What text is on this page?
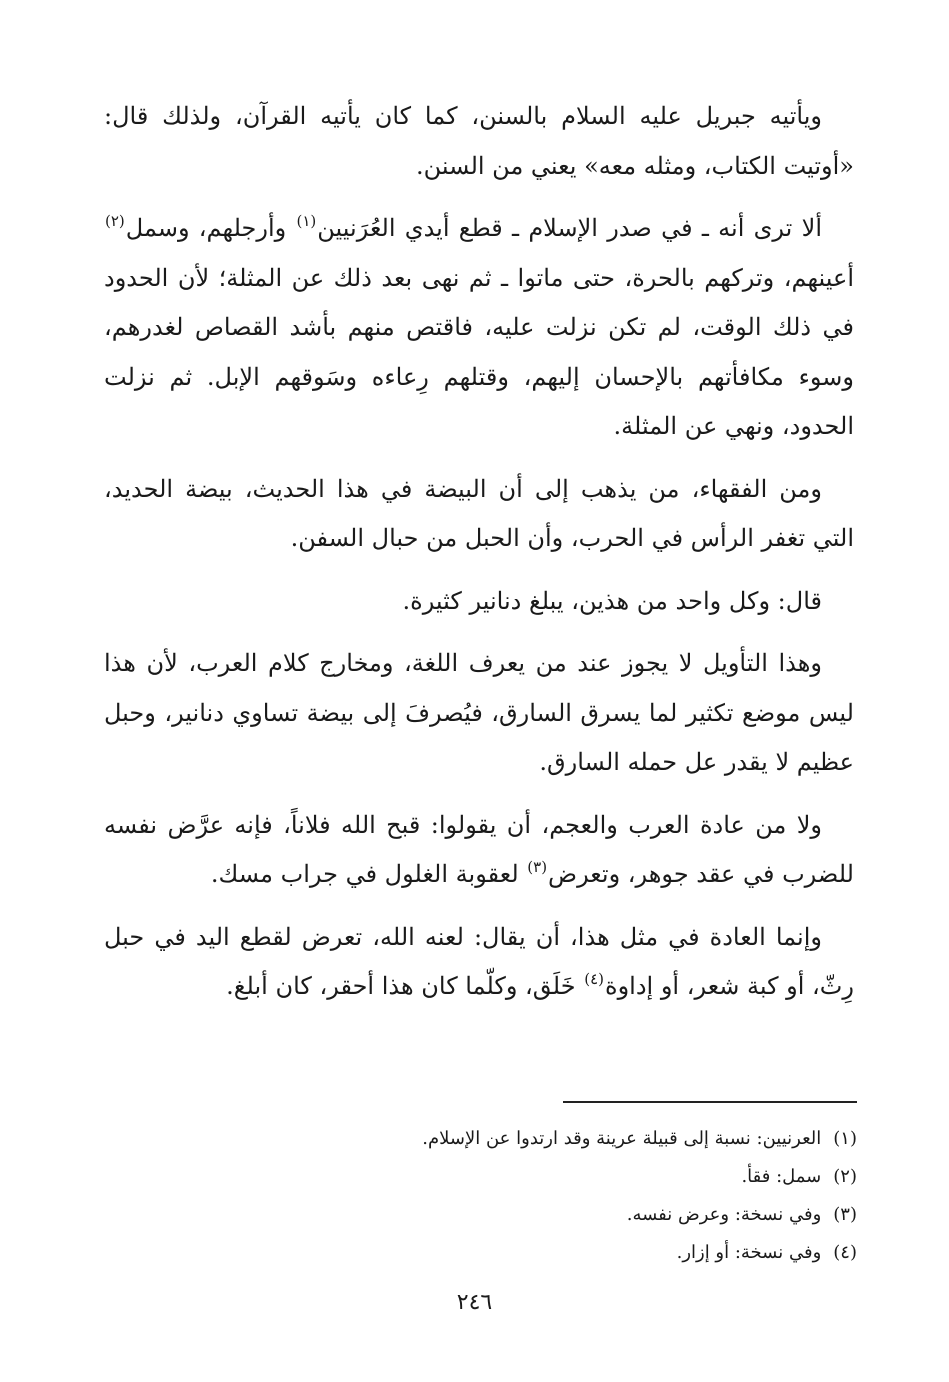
ويأتيه جبريل عليه السلام بالسنن، كما كان يأتيه القرآن، ولذلك قال: «أوتيت الكتاب، ومثله معه» يعني من السنن.

ألا ترى أنه ـ في صدر الإسلام ـ قطع أيدي العُرَنيين$^{(١)}$ وأرجلهم، وسمل$^{(٢)}$ أعينهم، وتركهم بالحرة، حتى ماتوا ـ ثم نهى بعد ذلك عن المثلة؛ لأن الحدود في ذلك الوقت، لم تكن نزلت عليه، فاقتص منهم بأشد القصاص لغدرهم، وسوء مكافأتهم بالإحسان إليهم، وقتلهم رِعاءه وسَوقهم الإبل. ثم نزلت الحدود، ونهي عن المثلة.

ومن الفقهاء، من يذهب إلى أن البيضة في هذا الحديث، بيضة الحديد، التي تغفر الرأس في الحرب، وأن الحبل من حبال السفن.

قال: وكل واحد من هذين، يبلغ دنانير كثيرة.

وهذا التأويل لا يجوز عند من يعرف اللغة، ومخارج كلام العرب، لأن هذا ليس موضع تكثير لما يسرق السارق، فيُصرفَ إلى بيضة تساوي دنانير، وحبل عظيم لا يقدر عل حمله السارق.

ولا من عادة العرب والعجم، أن يقولوا: قبح الله فلاناً، فإنه عرَّض نفسه للضرب في عقد جوهر، وتعرض$^{(٣)}$ لعقوبة الغلول في جراب مسك.

وإنما العادة في مثل هذا، أن يقال: لعنه الله، تعرض لقطع اليد في حبل رِثّ، أو كبة شعر، أو إداوة$^{(٤)}$ خَلَق، وكلّما كان هذا أحقر، كان أبلغ.

(١)
العرنيين: نسبة إلى قبيلة عرينة وقد ارتدوا عن الإسلام.
(٢)
سمل: فقأ.
(٣)
وفي نسخة: وعرض نفسه.
(٤)
وفي نسخة: أو إزار.
٢٤٦
